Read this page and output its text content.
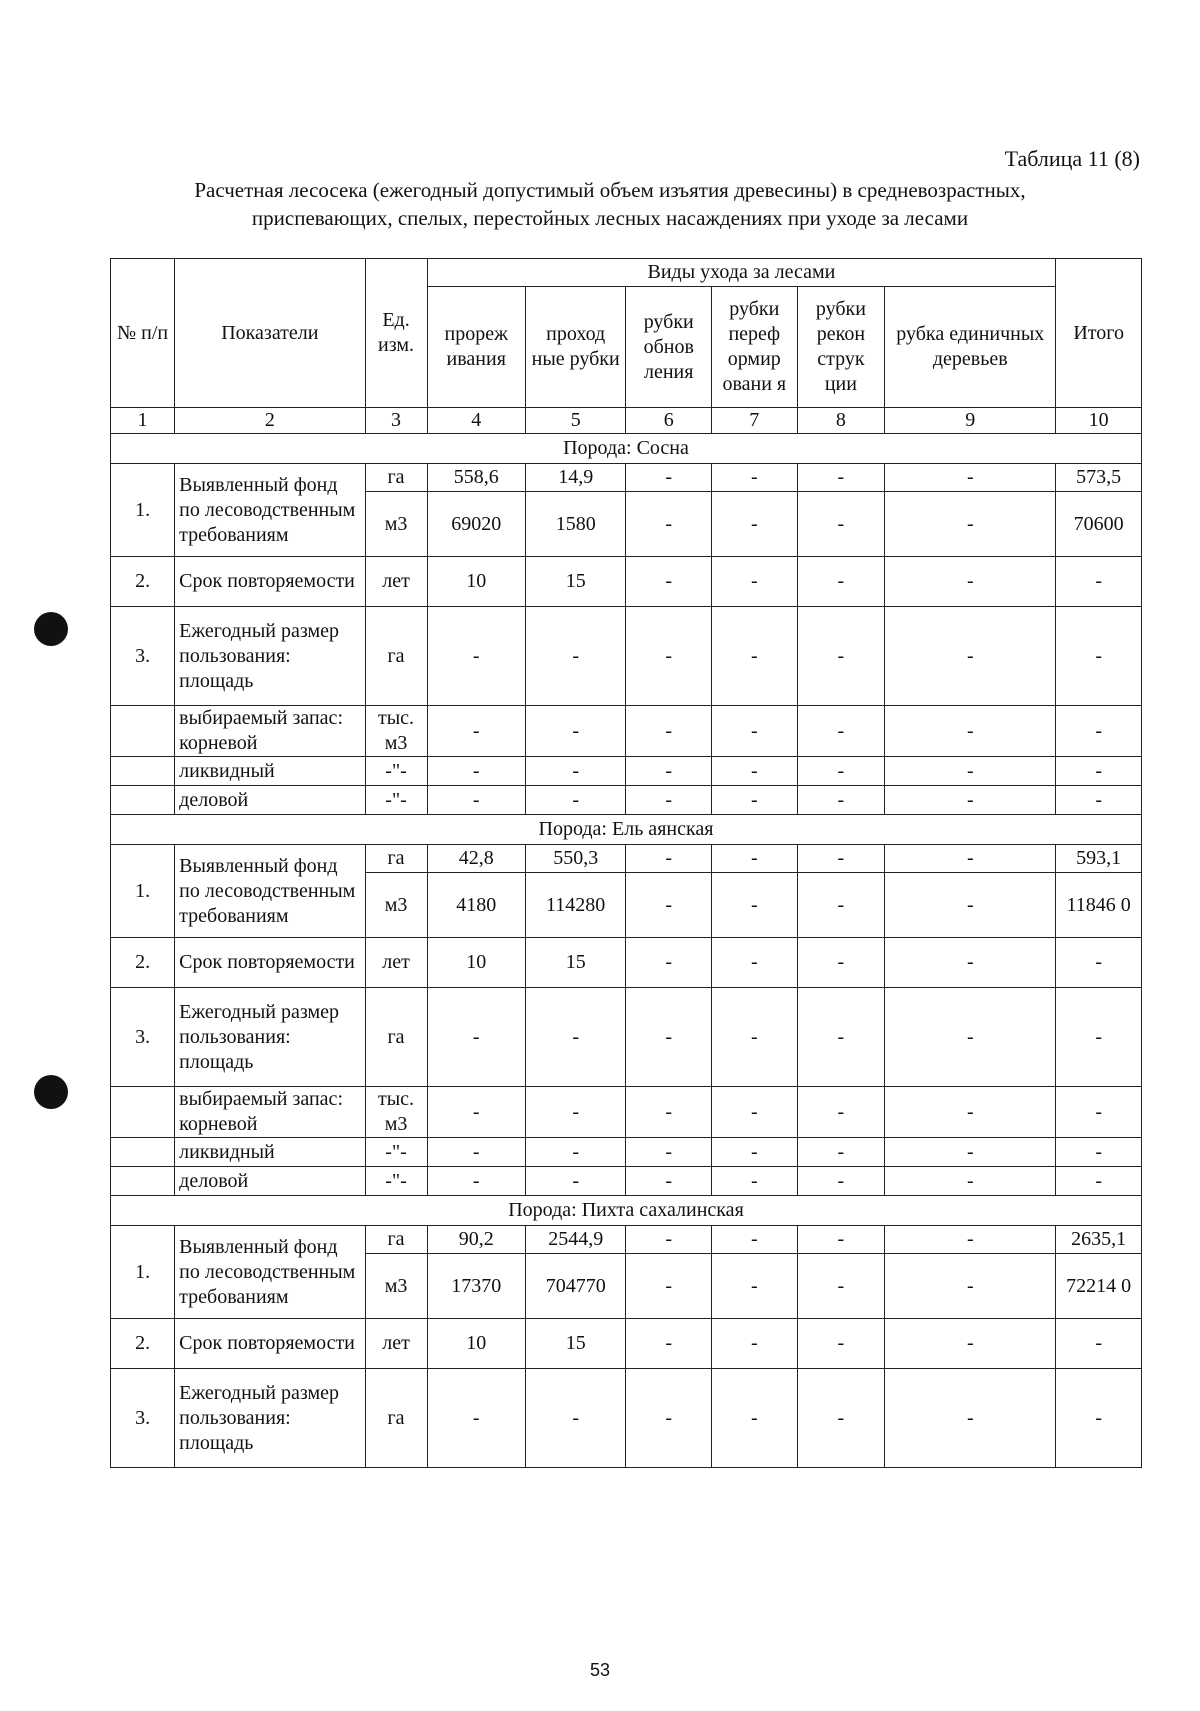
Таблица 11 (8)
Расчетная лесосека (ежегодный допустимый объем изъятия древесины) в средневозрастных,
приспевающих, спелых, перестойных лесных насаждениях при уходе за лесами
№ п/п	Показатели	Ед. изм.	Виды ухода за лесами						Итого
			прореж ивания	проход ные рубки	рубки обнов ления	рубки переф ормир овани я	рубки рекон струк ции	рубка единичных деревьев	
1	2	3	4	5	6	7	8	9	10
Порода: Сосна									
1.	Выявленный фонд по лесоводственным требованиям	га	558,6	14,9	-	-	-	-	573,5
		м3	69020	1580	-	-	-	-	70600
2.	Срок повторяемости	лет	10	15	-	-	-	-	-
3.	Ежегодный размер пользования: площадь	га	-	-	-	-	-	-	-
	выбираемый запас: корневой	тыс. м3	-	-	-	-	-	-	-
	ликвидный	-"-	-	-	-	-	-	-	-
	деловой	-"-	-	-	-	-	-	-	-
Порода: Ель аянская									
1.	Выявленный фонд по лесоводственным требованиям	га	42,8	550,3	-	-	-	-	593,1
		м3	4180	114280	-	-	-	-	11846 0
2.	Срок повторяемости	лет	10	15	-	-	-	-	-
3.	Ежегодный размер пользования: площадь	га	-	-	-	-	-	-	-
	выбираемый запас: корневой	тыс. м3	-	-	-	-	-	-	-
	ликвидный	-"-	-	-	-	-	-	-	-
	деловой	-"-	-	-	-	-	-	-	-
Порода: Пихта сахалинская									
1.	Выявленный фонд по лесоводственным требованиям	га	90,2	2544,9	-	-	-	-	2635,1
		м3	17370	704770	-	-	-	-	72214 0
2.	Срок повторяемости	лет	10	15	-	-	-	-	-
3.	Ежегодный размер пользования: площадь	га	-	-	-	-	-	-	-
53
